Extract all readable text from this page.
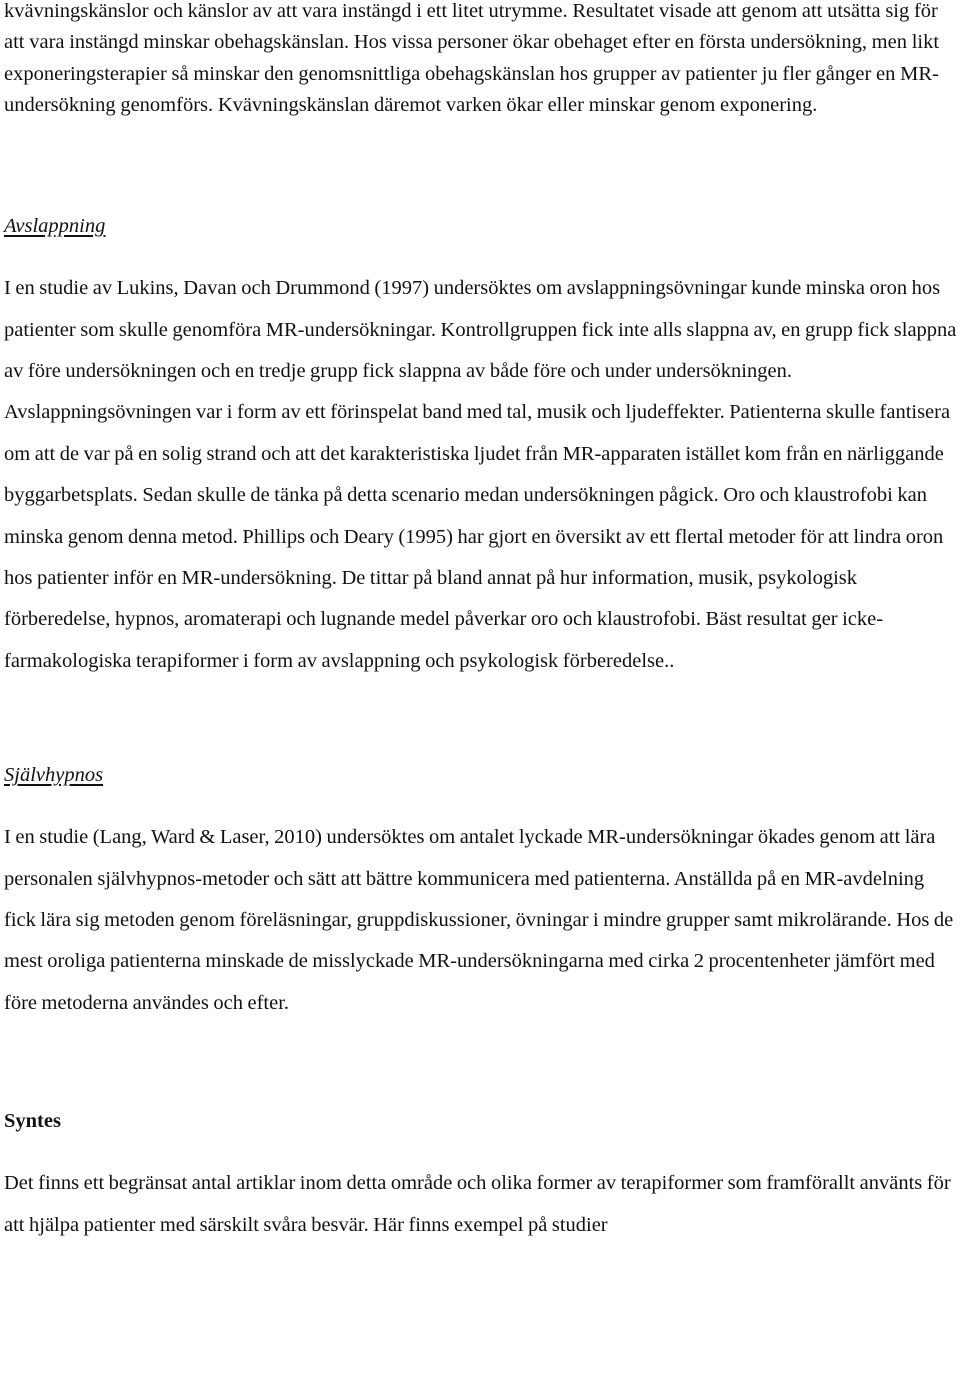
kvävningskänslor och känslor av att vara instängd i ett litet utrymme. Resultatet visade att genom att utsätta sig för att vara instängd minskar obehagskänslan. Hos vissa personer ökar obehaget efter en första undersökning, men likt exponeringsterapier så minskar den genomsnittliga obehagskänslan hos grupper av patienter ju fler gånger en MR-undersökning genomförs. Kvävningskänslan däremot varken ökar eller minskar genom exponering.

Avslappning

I en studie av Lukins, Davan och Drummond (1997) undersöktes om avslappningsövningar kunde minska oron hos patienter som skulle genomföra MR-undersökningar. Kontrollgruppen fick inte alls slappna av, en grupp fick slappna av före undersökningen och en tredje grupp fick slappna av både före och under undersökningen. Avslappningsövningen var i form av ett förinspelat band med tal, musik och ljudeffekter. Patienterna skulle fantisera om att de var på en solig strand och att det karakteristiska ljudet från MR-apparaten istället kom från en närliggande byggarbetsplats. Sedan skulle de tänka på detta scenario medan undersökningen pågick. Oro och klaustrofobi kan minska genom denna metod. Phillips och Deary (1995) har gjort en översikt av ett flertal metoder för att lindra oron hos patienter inför en MR-undersökning. De tittar på bland annat på hur information, musik, psykologisk förberedelse, hypnos, aromaterapi och lugnande medel påverkar oro och klaustrofobi. Bäst resultat ger icke-farmakologiska terapiformer i form av avslappning och psykologisk förberedelse..

Självhypnos

I en studie (Lang, Ward & Laser, 2010) undersöktes om antalet lyckade MR-undersökningar ökades genom att lära personalen självhypnos-metoder och sätt att bättre kommunicera med patienterna. Anställda på en MR-avdelning fick lära sig metoden genom föreläsningar, gruppdiskussioner, övningar i mindre grupper samt mikrolärande. Hos de mest oroliga patienterna minskade de misslyckade MR-undersökningarna med cirka 2 procentenheter jämfört med före metoderna användes och efter.

Syntes

Det finns ett begränsat antal artiklar inom detta område och olika former av terapiformer som framförallt använts för att hjälpa patienter med särskilt svåra besvär. Här finns exempel på studier
